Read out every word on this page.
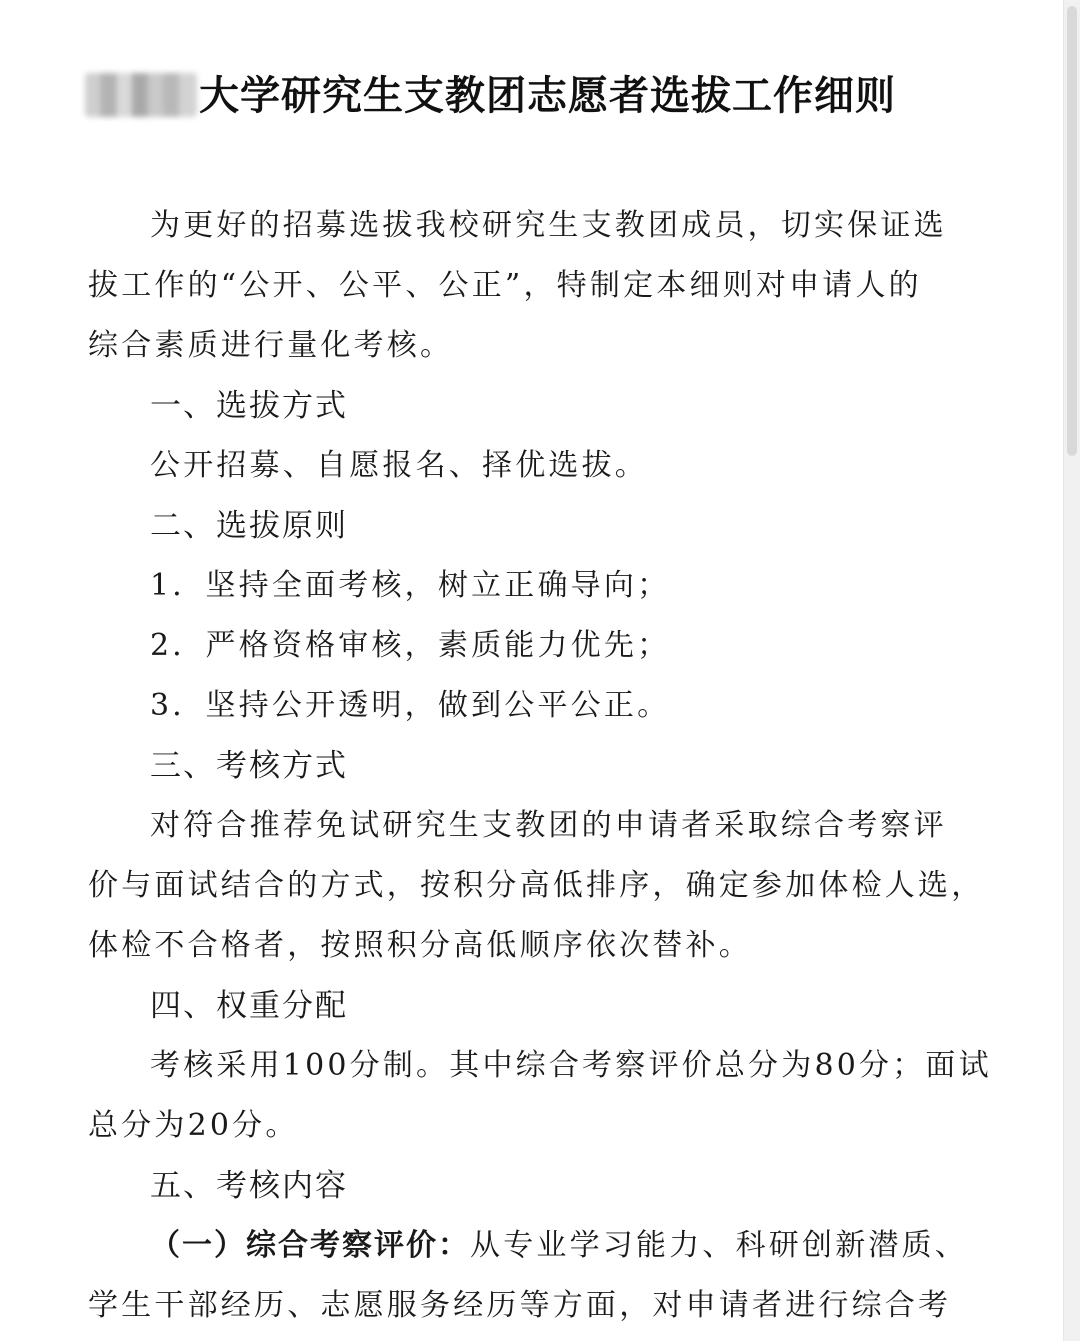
大学研究生支教团志愿者选拔工作细则
为更好的招募选拔我校研究生支教团成员，切实保证选
拔工作的“公开、公平、公正”，特制定本细则对申请人的
综合素质进行量化考核。
一、选拔方式
公开招募、自愿报名、择优选拔。
二、选拔原则
1．坚持全面考核，树立正确导向；
2．严格资格审核，素质能力优先；
3．坚持公开透明，做到公平公正。
三、考核方式
对符合推荐免试研究生支教团的申请者采取综合考察评
价与面试结合的方式，按积分高低排序，确定参加体检人选，
体检不合格者，按照积分高低顺序依次替补。
四、权重分配
考核采用100分制。其中综合考察评价总分为80分；面试
总分为20分。
五、考核内容
（一）综合考察评价：从专业学习能力、科研创新潜质、
学生干部经历、志愿服务经历等方面，对申请者进行综合考
